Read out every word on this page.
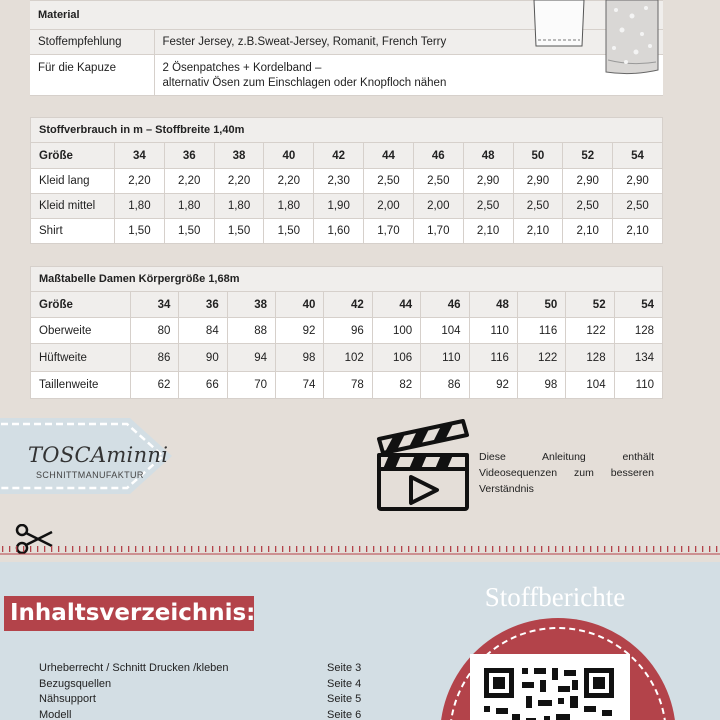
Material	
Stoffempfehlung	Fester Jersey, z.B.Sweat-Jersey, Romanit, French Terry
Für die Kapuze	2 Ösenpatches + Kordelband –
alternativ Ösen zum Einschlagen oder Knopfloch nähen
Stoffverbrauch in m – Stoffbreite 1,40m											
Größe	34	36	38	40	42	44	46	48	50	52	54
Kleid lang	2,20	2,20	2,20	2,20	2,30	2,50	2,50	2,90	2,90	2,90	2,90
Kleid mittel	1,80	1,80	1,80	1,80	1,90	2,00	2,00	2,50	2,50	2,50	2,50
Shirt	1,50	1,50	1,50	1,50	1,60	1,70	1,70	2,10	2,10	2,10	2,10
Maßtabelle Damen Körpergröße 1,68m											
Größe	34	36	38	40	42	44	46	48	50	52	54
Oberweite	80	84	88	92	96	100	104	110	116	122	128
Hüftweite	86	90	94	98	102	106	110	116	122	128	134
Taillenweite	62	66	70	74	78	82	86	92	98	104	110
TOSCAminni
SCHNITTMANUFAKTUR
Diese Anleitung enthält Videosequenzen zum besseren Verständnis
Inhaltsverzeichnis:
Urheberrecht / Schnitt Drucken /kleben	Seite 3
Bezugsquellen	Seite 4
Nähsupport	Seite 5
Modell	Seite 6
Stoffberichte
